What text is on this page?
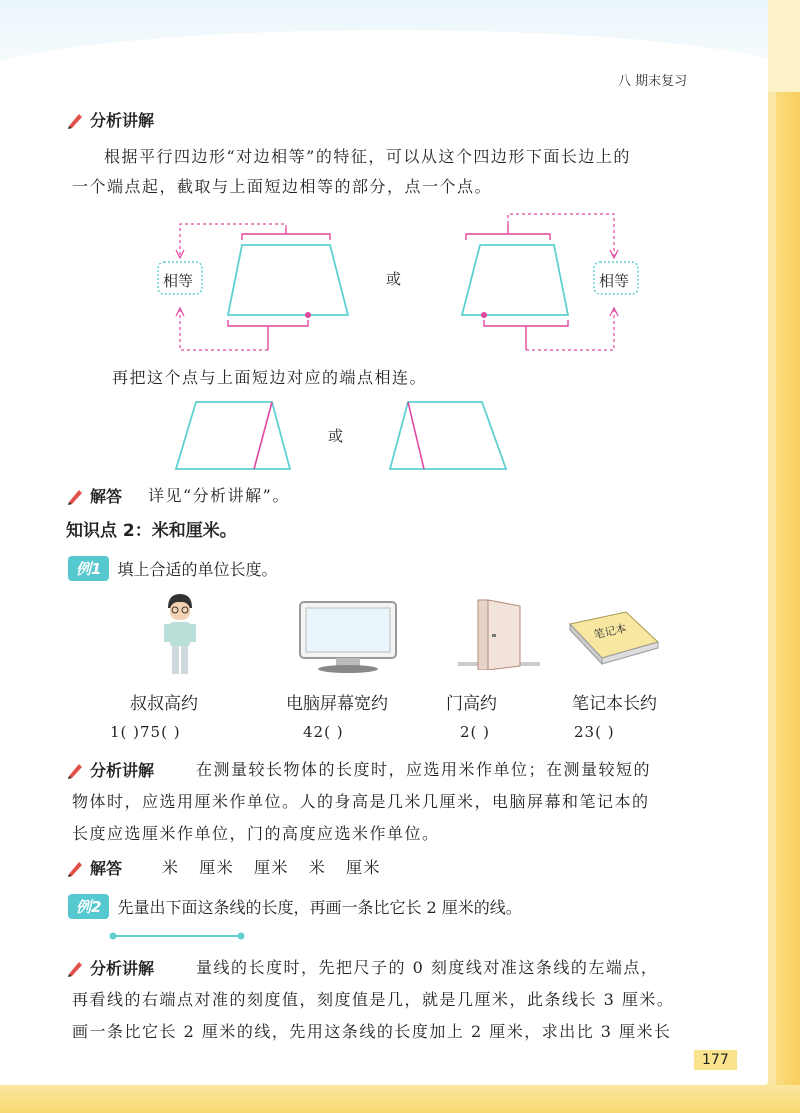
八 期末复习
分析讲解
根据平行四边形“对边相等”的特征，可以从这个四边形下面长边上的
一个端点起，截取与上面短边相等的部分，点一个点。
相等	相等
或
再把这个点与上面短边对应的端点相连。
或
解答 详见“分析讲解”。
知识点 2：米和厘米。
例1	填上合适的单位长度。
笔记本
叔叔高约	电脑屏幕宽约	门高约	笔记本长约
1( )75( )	42( )	2( )	23( )
分析讲解	在测量较长物体的长度时，应选用米作单位；在测量较短的
物体时，应选用厘米作单位。人的身高是几米几厘米，电脑屏幕和笔记本的
长度应选厘米作单位，门的高度应选米作单位。
解答 米   厘米   厘米   米   厘米
例2	先量出下面这条线的长度，再画一条比它长 2 厘米的线。
分析讲解	量线的长度时，先把尺子的 0 刻度线对准这条线的左端点，
再看线的右端点对准的刻度值，刻度值是几，就是几厘米，此条线长 3 厘米。
画一条比它长 2 厘米的线，先用这条线的长度加上 2 厘米，求出比 3 厘米长
177
